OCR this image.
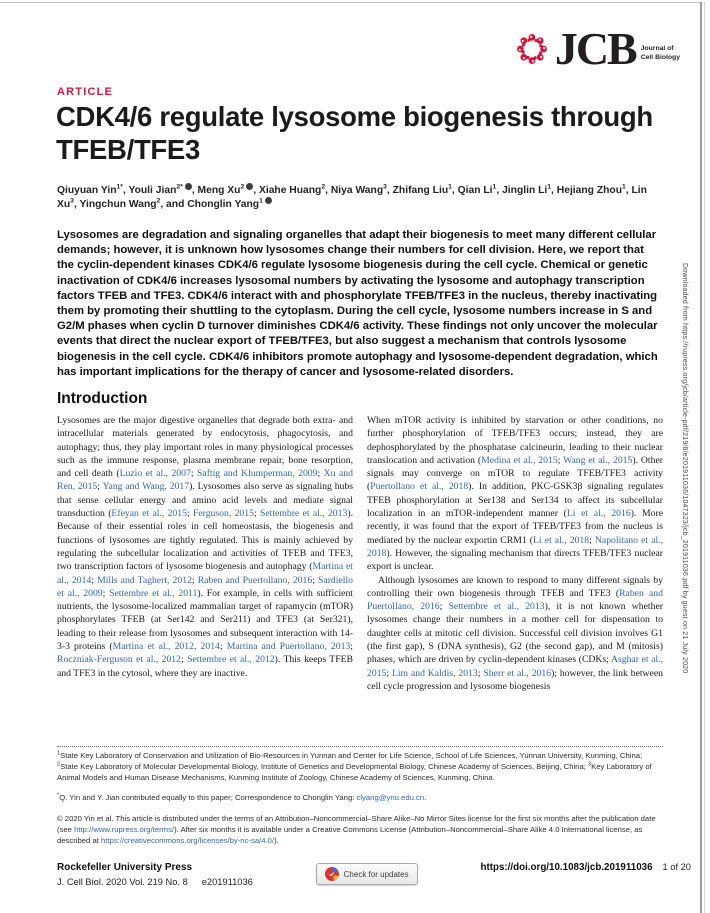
JCB Journal of
Cell Biology
ARTICLE
CDK4/6 regulate lysosome biogenesis through TFEB/TFE3
Qiuyuan Yin$^{1*}$, Youli Jian$^{2*}$ , Meng Xu$^2$ , Xiahe Huang$^2$, Niya Wang$^3$, Zhifang Liu$^1$, Qian Li$^1$, Jinglin Li$^1$, Hejiang Zhou$^1$, Lin Xu$^3$, Yingchun Wang$^2$, and Chonglin Yang$^1$
Lysosomes are degradation and signaling organelles that adapt their biogenesis to meet many different cellular demands; however, it is unknown how lysosomes change their numbers for cell division. Here, we report that the cyclin-dependent kinases CDK4/6 regulate lysosome biogenesis during the cell cycle. Chemical or genetic inactivation of CDK4/6 increases lysosomal numbers by activating the lysosome and autophagy transcription factors TFEB and TFE3. CDK4/6 interact with and phosphorylate TFEB/TFE3 in the nucleus, thereby inactivating them by promoting their shuttling to the cytoplasm. During the cell cycle, lysosome numbers increase in S and G2/M phases when cyclin D turnover diminishes CDK4/6 activity. These findings not only uncover the molecular events that direct the nuclear export of TFEB/TFE3, but also suggest a mechanism that controls lysosome biogenesis in the cell cycle. CDK4/6 inhibitors promote autophagy and lysosome-dependent degradation, which has important implications for the therapy of cancer and lysosome-related disorders.
Introduction

Lysosomes are the major digestive organelles that degrade both extra- and intracellular materials generated by endocytosis, phagocytosis, and autophagy; thus, they play important roles in many physiological processes such as the immune response, plasma membrane repair, bone resorption, and cell death (Luzio et al., 2007; Saftig and Klumperman, 2009; Xu and Ren, 2015; Yang and Wang, 2017). Lysosomes also serve as signaling hubs that sense cellular energy and amino acid levels and mediate signal transduction (Efeyan et al., 2015; Ferguson, 2015; Settembre et al., 2013). Because of their essential roles in cell homeostasis, the biogenesis and functions of lysosomes are tightly regulated. This is mainly achieved by regulating the subcellular localization and activities of TFEB and TFE3, two transcription factors of lysosome biogenesis and autophagy (Martina et al., 2014; Mills and Taghert, 2012; Raben and Puertollano, 2016; Sardiello et al., 2009; Settembre et al., 2011). For example, in cells with sufficient nutrients, the lysosome-localized mammalian target of rapamycin (mTOR) phosphorylates TFEB (at Ser142 and Ser211) and TFE3 (at Ser321), leading to their release from lysosomes and subsequent interaction with 14-3-3 proteins (Martina et al., 2012, 2014; Martina and Puertollano, 2013; Roczniak-Ferguson et al., 2012; Settembre et al., 2012). This keeps TFEB and TFE3 in the cytosol, where they are inactive.

When mTOR activity is inhibited by starvation or other conditions, no further phosphorylation of TFEB/TFE3 occurs; instead, they are dephosphorylated by the phosphatase calcineurin, leading to their nuclear translocation and activation (Medina et al., 2015; Wang et al., 2015). Other signals may converge on mTOR to regulate TFEB/TFE3 activity (Puertollano et al., 2018). In addition, PKC-GSK3β signaling regulates TFEB phosphorylation at Ser138 and Ser134 to affect its subcellular localization in an mTOR-independent manner (Li et al., 2016). More recently, it was found that the export of TFEB/TFE3 from the nucleus is mediated by the nuclear exportin CRM1 (Li et al., 2018; Napolitano et al., 2018). However, the signaling mechanism that directs TFEB/TFE3 nuclear export is unclear.

Although lysosomes are known to respond to many different signals by controlling their own biogenesis through TFEB and TFE3 (Raben and Puertollano, 2016; Settembre et al., 2013), it is not known whether lysosomes change their numbers in a mother cell for dispensation to daughter cells at mitotic cell division. Successful cell division involves G1 (the first gap), S (DNA synthesis), G2 (the second gap), and M (mitosis) phases, which are driven by cyclin-dependent kinases (CDKs; Asghar et al., 2015; Lim and Kaldis, 2013; Sherr et al., 2016); however, the link between cell cycle progression and lysosome biogenesis

$^1$State Key Laboratory of Conservation and Utilization of Bio-Resources in Yunnan and Center for Life Science, School of Life Sciences, Yunnan University, Kunming, China; $^2$State Key Laboratory of Molecular Developmental Biology, Institute of Genetics and Developmental Biology, Chinese Academy of Sciences, Beijing, China; $^3$Key Laboratory of Animal Models and Human Disease Mechanisms, Kunming Institute of Zoology, Chinese Academy of Sciences, Kunming, China.
*Q. Yin and Y. Jian contributed equally to this paper; Correspondence to Chonglin Yang: clyang@ynu.edu.cn.
© 2020 Yin et al. This article is distributed under the terms of an Attribution–Noncommercial–Share Alike–No Mirror Sites license for the first six months after the publication date (see http://www.rupress.org/terms/). After six months it is available under a Creative Commons License (Attribution–Noncommercial–Share Alike 4.0 International license, as described at https://creativecommons.org/licenses/by-nc-sa/4.0/).
Rockefeller University Press
J. Cell Biol. 2020 Vol. 219 No. 8 e201911036
Check for updates
https://doi.org/10.1083/jcb.201911036 1 of 20
Downloaded from https://rupress.org/jcb/article-pdf/219/8/e201911036/1047323/jcb_201911036.pdf by guest on 21 July 2020
